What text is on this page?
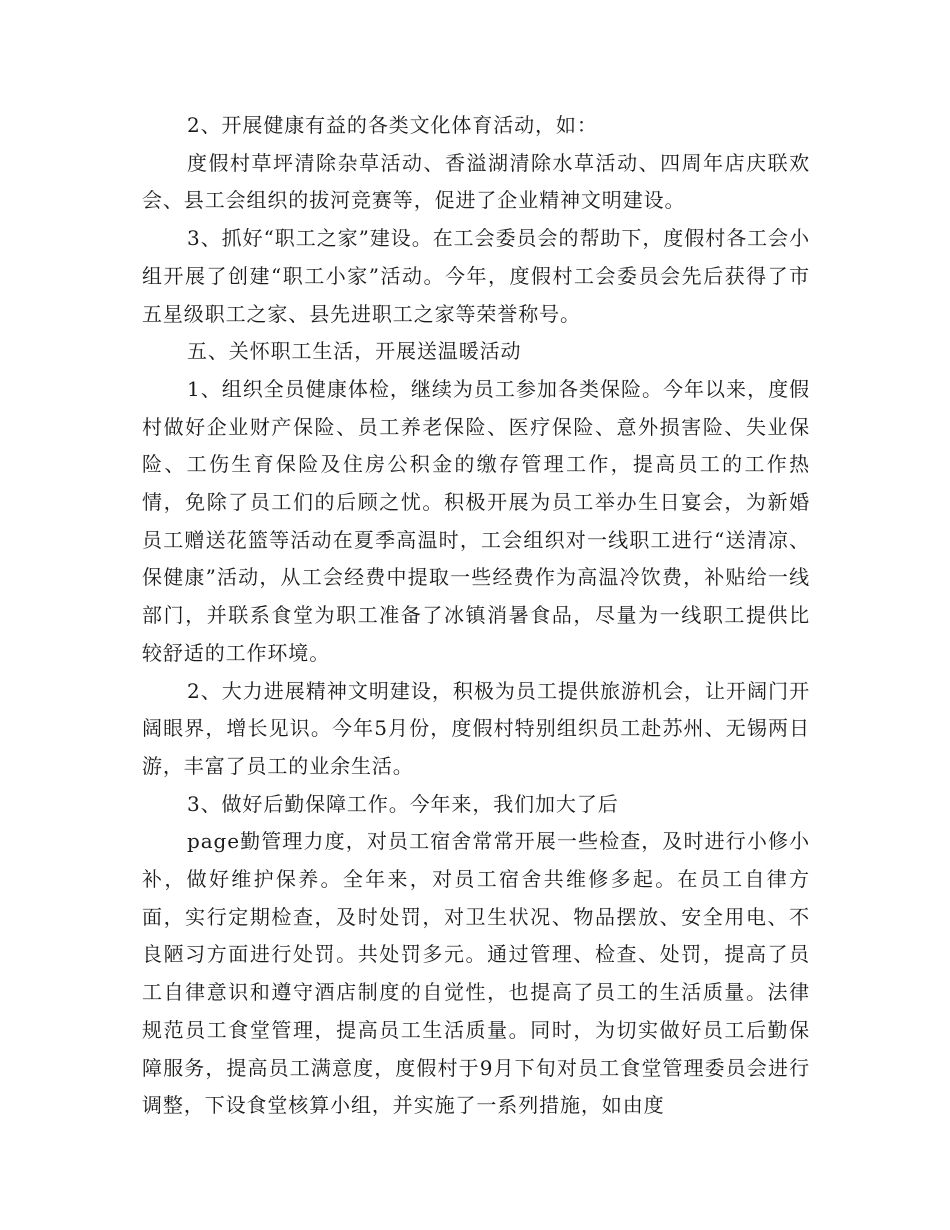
2、开展健康有益的各类文化体育活动，如：

度假村草坪清除杂草活动、香溢湖清除水草活动、四周年店庆联欢会、县工会组织的拔河竞赛等，促进了企业精神文明建设。

3、抓好“职工之家”建设。在工会委员会的帮助下，度假村各工会小组开展了创建“职工小家”活动。今年，度假村工会委员会先后获得了市五星级职工之家、县先进职工之家等荣誉称号。

五、关怀职工生活，开展送温暖活动

1、组织全员健康体检，继续为员工参加各类保险。今年以来，度假村做好企业财产保险、员工养老保险、医疗保险、意外损害险、失业保险、工伤生育保险及住房公积金的缴存管理工作，提高员工的工作热情，免除了员工们的后顾之忧。积极开展为员工举办生日宴会，为新婚员工赠送花篮等活动在夏季高温时，工会组织对一线职工进行“送清凉、保健康”活动，从工会经费中提取一些经费作为高温冷饮费，补贴给一线部门，并联系食堂为职工准备了冰镇消暑食品，尽量为一线职工提供比较舒适的工作环境。

2、大力进展精神文明建设，积极为员工提供旅游机会，让开阔门开阔眼界，增长见识。今年5月份，度假村特别组织员工赴苏州、无锡两日游，丰富了员工的业余生活。

3、做好后勤保障工作。今年来，我们加大了后

page勤管理力度，对员工宿舍常常开展一些检查，及时进行小修小补，做好维护保养。全年来，对员工宿舍共维修多起。在员工自律方面，实行定期检查，及时处罚，对卫生状况、物品摆放、安全用电、不良陋习方面进行处罚。共处罚多元。通过管理、检查、处罚，提高了员工自律意识和遵守酒店制度的自觉性，也提高了员工的生活质量。法律规范员工食堂管理，提高员工生活质量。同时，为切实做好员工后勤保障服务，提高员工满意度，度假村于9月下旬对员工食堂管理委员会进行调整，下设食堂核算小组，并实施了一系列措施，如由度
